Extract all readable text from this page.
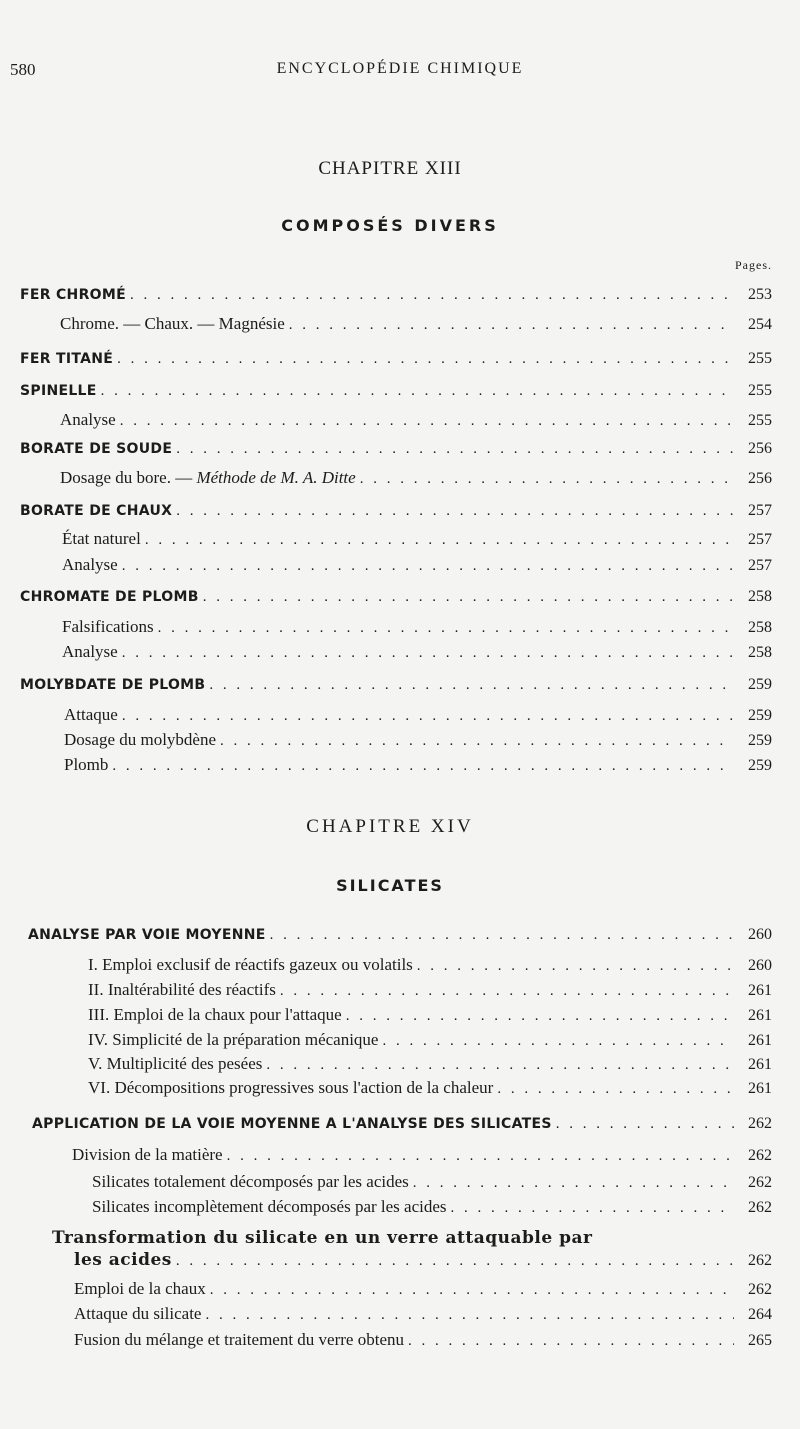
580	ENCYCLOPÉDIE CHIMIQUE
CHAPITRE XIII
COMPOSÉS DIVERS
Pages.
FER CHROMÉ . . .	253
Chrome. — Chaux. — Magnésie . . .	254
FER TITANÉ . . .	255
SPINELLE . . .	255
Analyse . . .	255
BORATE DE SOUDE . . .	256
Dosage du bore. — Méthode de M. A. Ditte . . .	256
BORATE DE CHAUX . . .	257
État naturel . . .	257
Analyse . . .	257
CHROMATE DE PLOMB . . .	258
Falsifications . . .	258
Analyse . . .	258
MOLYBDATE DE PLOMB . . .	259
Attaque . . .	259
Dosage du molybdène . . .	259
Plomb . . .	259
CHAPITRE XIV
SILICATES
ANALYSE PAR VOIE MOYENNE . . .	260
I. Emploi exclusif de réactifs gazeux ou volatils . . .	260
II. Inaltérabilité des réactifs . . .	261
III. Emploi de la chaux pour l'attaque . . .	261
IV. Simplicité de la préparation mécanique . . .	261
V. Multiplicité des pesées . . .	261
VI. Décompositions progressives sous l'action de la chaleur . . .	261
APPLICATION DE LA VOIE MOYENNE A L'ANALYSE DES SILICATES . . .	262
Division de la matière . . .	262
Silicates totalement décomposés par les acides . . .	262
Silicates incomplètement décomposés par les acides . . .	262
Transformation du silicate en un verre attaquable par
les acides . . .	262
Emploi de la chaux . . .	262
Attaque du silicate . . .	264
Fusion du mélange et traitement du verre obtenu . . .	265
